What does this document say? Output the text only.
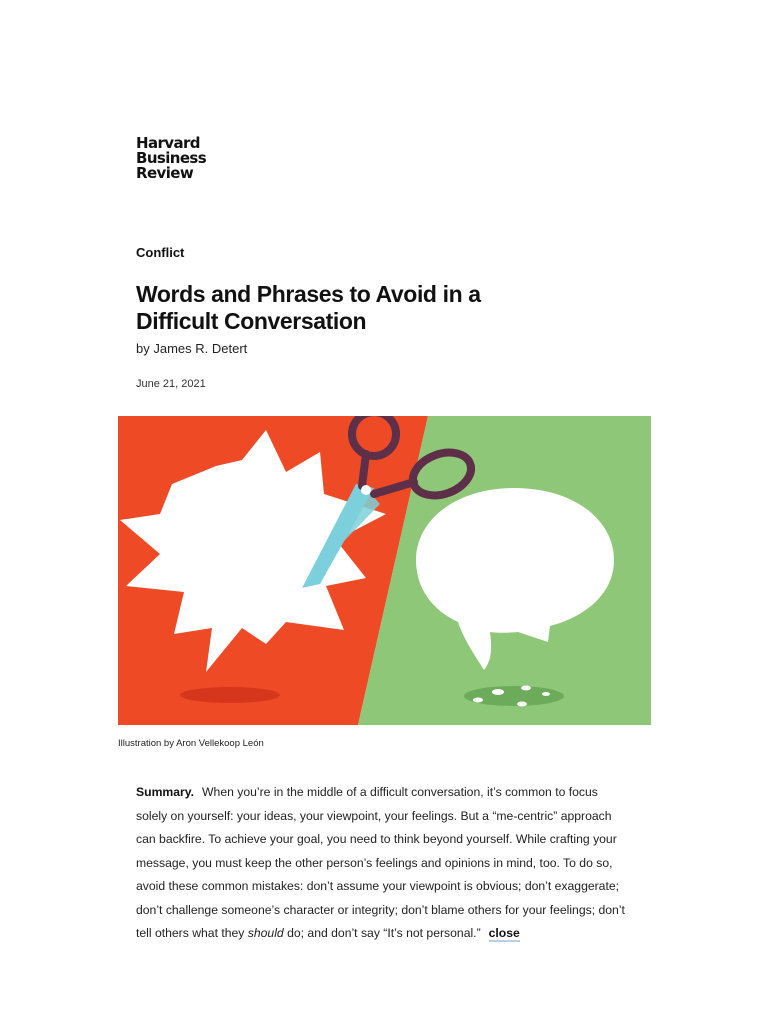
Harvard
Business
Review
Conflict
Words and Phrases to Avoid in a Difficult Conversation
by James R. Detert
June 21, 2021
Illustration by Aron Vellekoop León

Summary. When you’re in the middle of a difficult conversation, it’s common to focus solely on yourself: your ideas, your viewpoint, your feelings. But a “me-centric” approach can backfire. To achieve your goal, you need to think beyond yourself. While crafting your message, you must keep the other person’s feelings and opinions in mind, too. To do so, avoid these common mistakes: don’t assume your viewpoint is obvious; don’t exaggerate; don’t challenge someone’s character or integrity; don’t blame others for your feelings; don’t tell others what they should do; and don’t say “It’s not personal.” close
